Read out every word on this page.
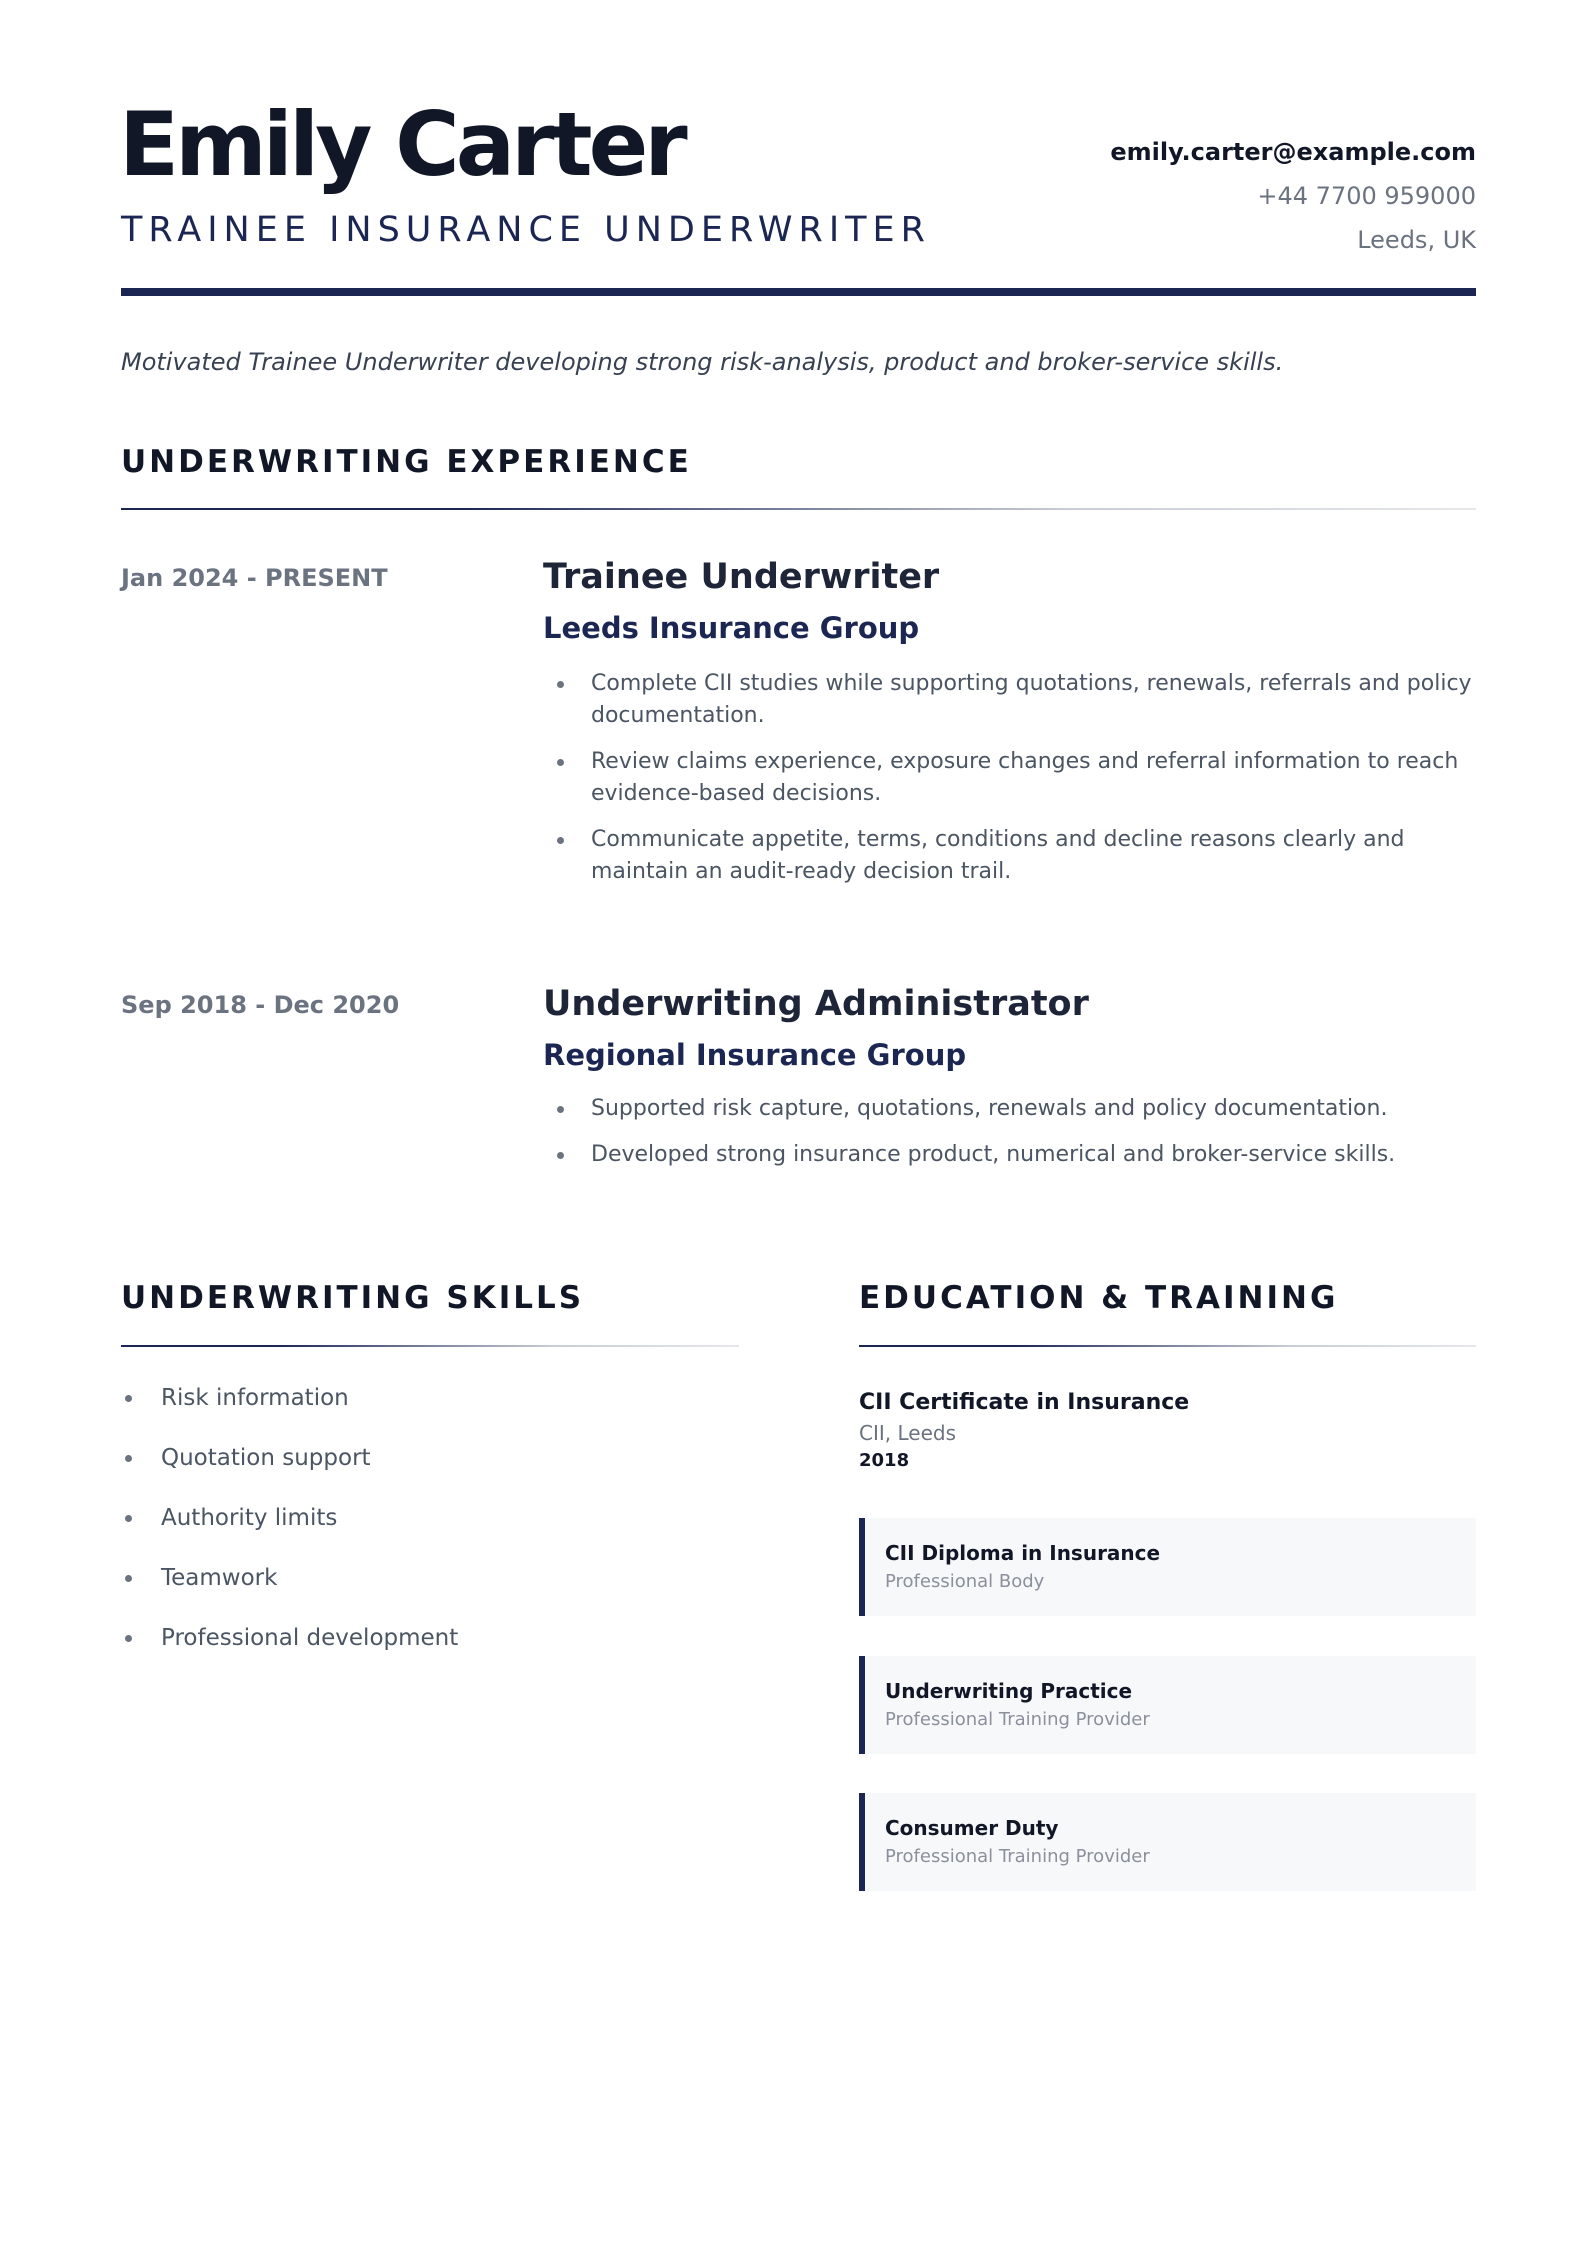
Emily Carter
TRAINEE INSURANCE UNDERWRITER
emily.carter@example.com
+44 7700 959000
Leeds, UK
Motivated Trainee Underwriter developing strong risk-analysis, product and broker-service skills.
UNDERWRITING EXPERIENCE
Jan 2024 - PRESENT	Trainee Underwriter
Leeds Insurance Group
Complete CII studies while supporting quotations, renewals, referrals and policy documentation.
Review claims experience, exposure changes and referral information to reach evidence-based decisions.
Communicate appetite, terms, conditions and decline reasons clearly and maintain an audit-ready decision trail.
Sep 2018 - Dec 2020	Underwriting Administrator
Regional Insurance Group
Supported risk capture, quotations, renewals and policy documentation.
Developed strong insurance product, numerical and broker-service skills.
UNDERWRITING SKILLS
Risk information
Quotation support
Authority limits
Teamwork
Professional development
EDUCATION & TRAINING
CII Certificate in Insurance
CII, Leeds
2018
CII Diploma in Insurance
Professional Body
Underwriting Practice
Professional Training Provider
Consumer Duty
Professional Training Provider
